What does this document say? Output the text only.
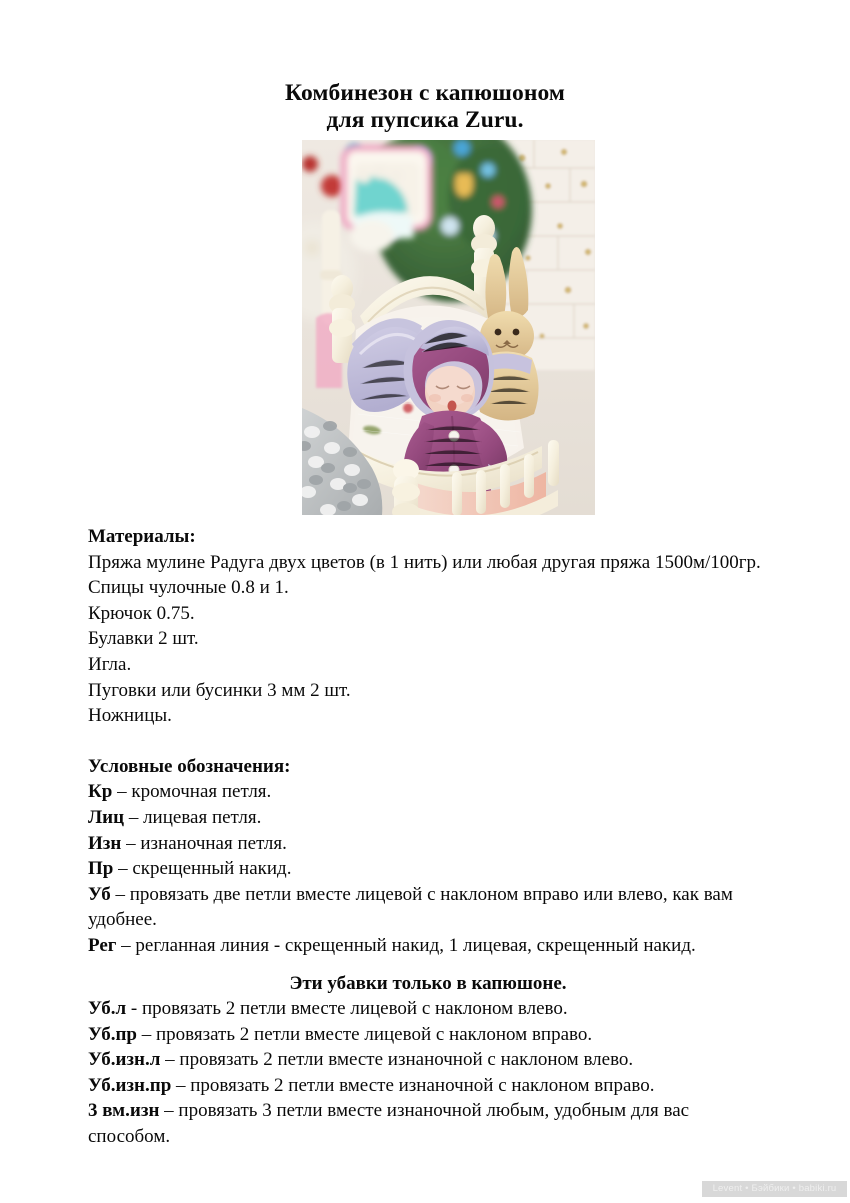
Комбинезон с капюшоном
для пупсика Zuru.

Материалы:

Пряжа мулине Радуга двух цветов (в 1 нить) или любая другая пряжа 1500м/100гр.

Спицы чулочные 0.8 и 1.

Крючок 0.75.

Булавки 2 шт.

Игла.

Пуговки или бусинки 3 мм 2 шт.

Ножницы.

Условные обозначения:

Кр – кромочная петля.

Лиц – лицевая петля.

Изн – изнаночная петля.

Пр – скрещенный накид.

Уб – провязать две петли вместе лицевой с наклоном вправо или влево, как вам удобнее.

Рег – регланная линия - скрещенный накид, 1 лицевая, скрещенный накид.

Эти убавки только в капюшоне.

Уб.л - провязать 2 петли вместе лицевой с наклоном влево.

Уб.пр – провязать 2 петли вместе лицевой с наклоном вправо.

Уб.изн.л – провязать 2 петли вместе изнаночной с наклоном влево.

Уб.изн.пр – провязать 2 петли вместе изнаночной с наклоном вправо.

3 вм.изн – провязать 3 петли вместе изнаночной любым, удобным для вас способом.

Levent • Бэйбики • babiki.ru
